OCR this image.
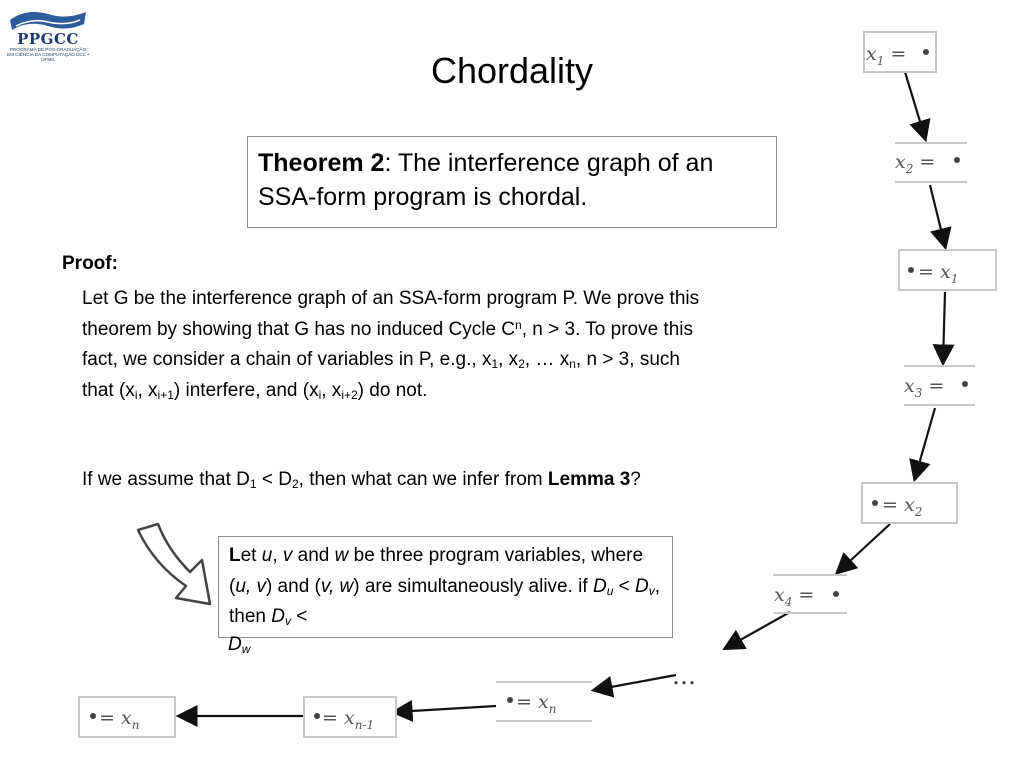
PPGCC
PROGRAMA DE PÓS-GRADUAÇÃO EM CIÊNCIA DA COMPUTAÇÃO DCC • UFMG	Chordality
Theorem 2: The interference graph of an SSA-form program is chordal.
Proof:
Let G be the interference graph of an SSA-form program P. We prove this theorem by showing that G has no induced Cycle $C^n$, n > 3. To prove this fact, we consider a chain of variables in P, e.g., $x_1$, $x_2$, … $x_n$, n > 3, such that ($x_i$, $x_{i+1}$) interfere, and ($x_i$, $x_{i+2}$) do not.
If we assume that $D_1 < D_2$, then what can we infer from Lemma 3?
Let u, v and w be three program variables, where (u, v) and (v, w) are simultaneously alive. if $D_u < D_v$, then $D_v$ <
$D_w$
$x_1$ =
$x_2$ =
= $x_1$
$x_3$ =
= $x_2$
$x_4$ =
…
= $x_n$
= $x_{n-1}$
= $x_n$
